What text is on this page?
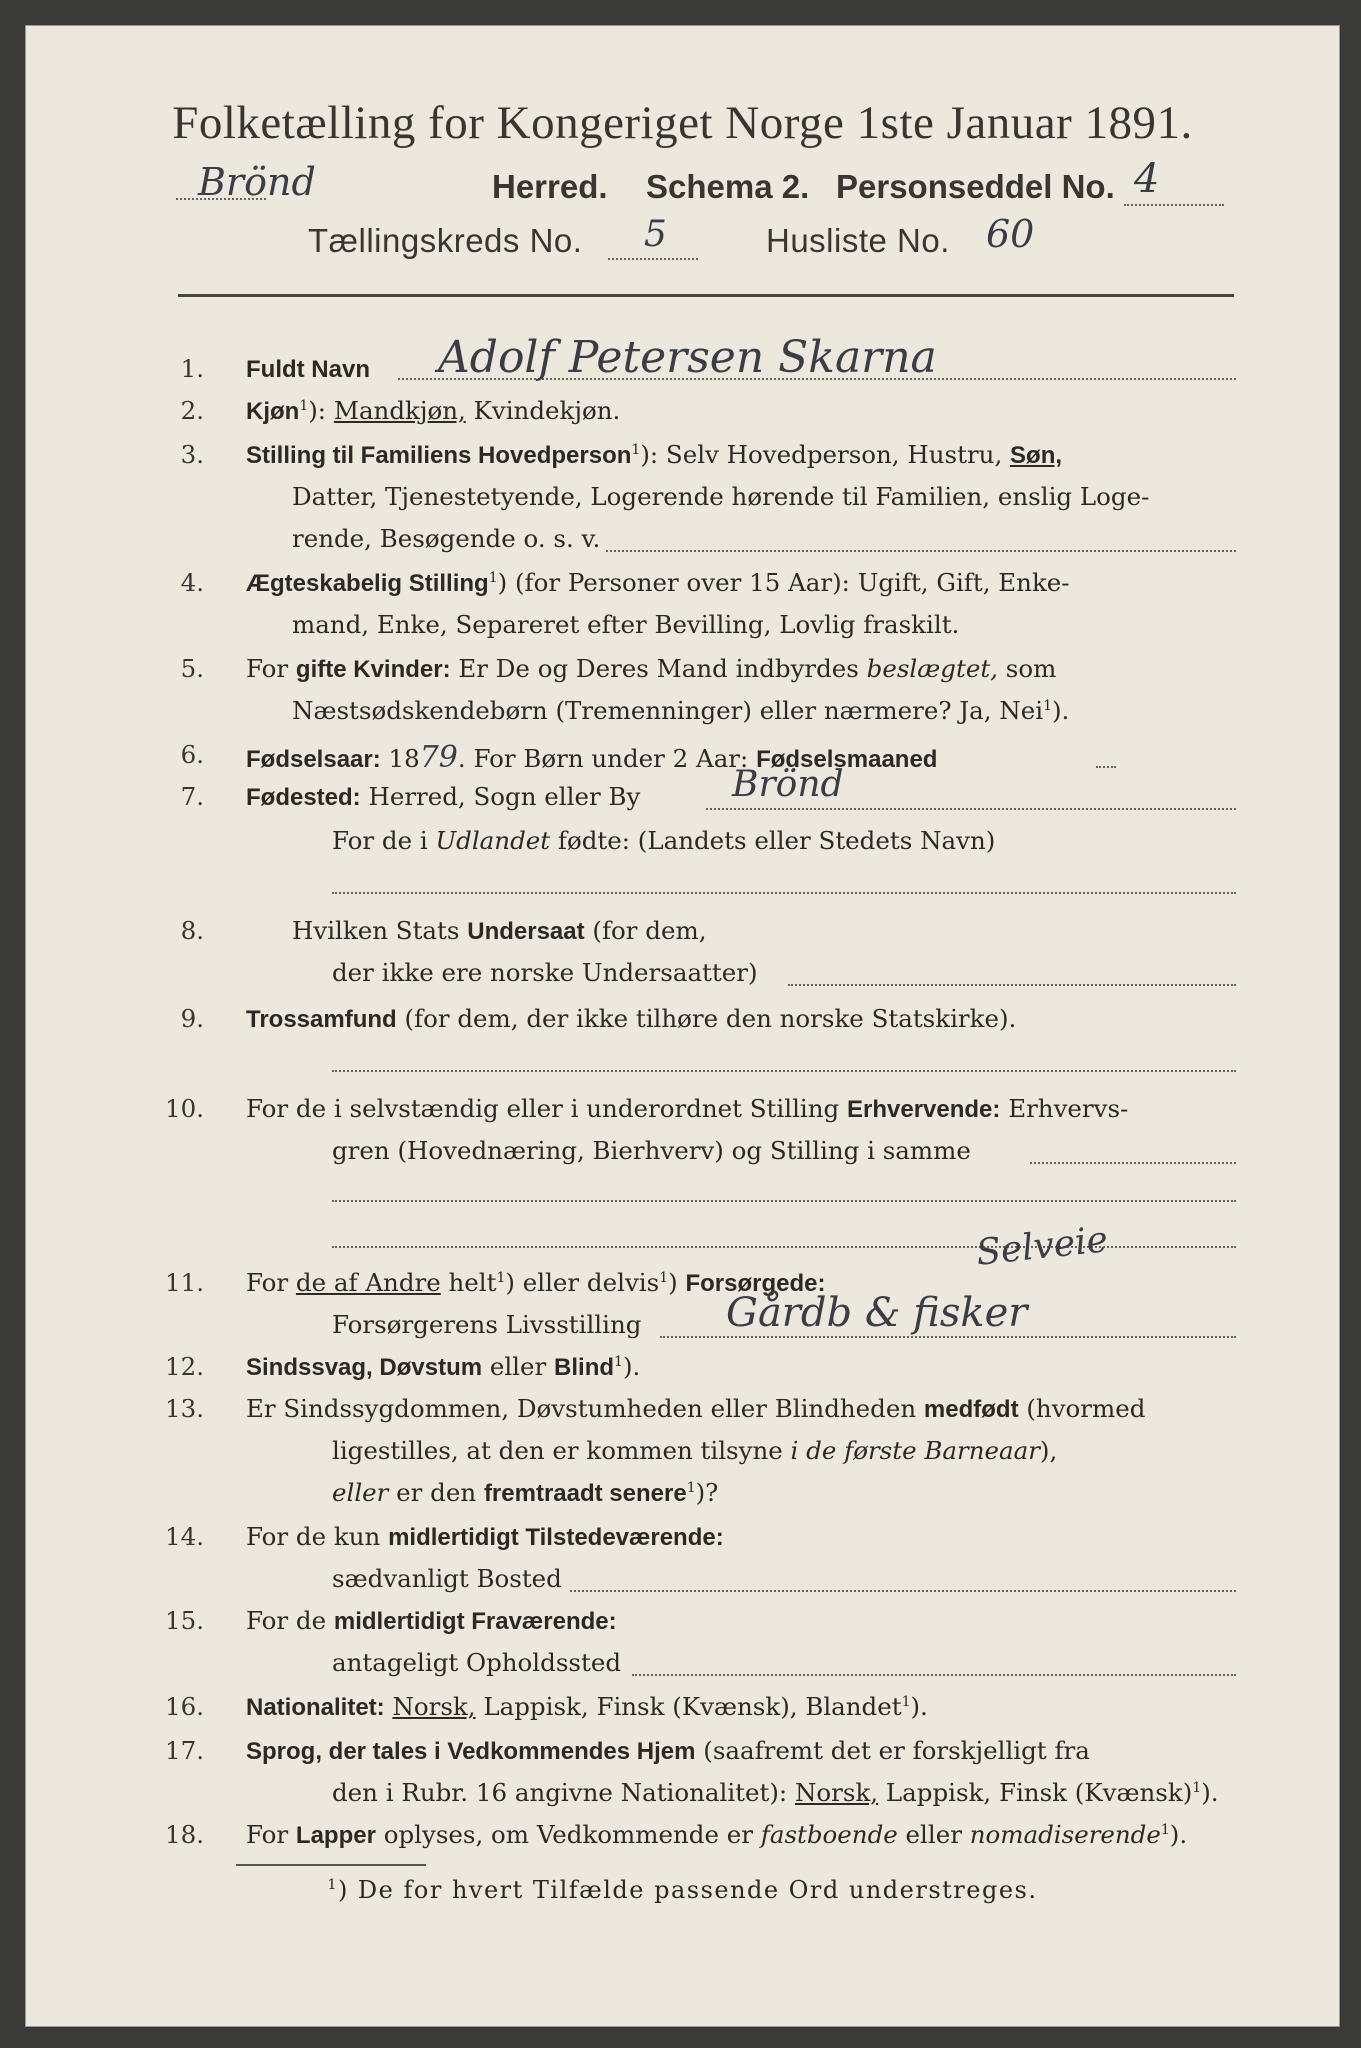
Folketælling for Kongeriget Norge 1ste Januar 1891.
Brönd	Herred. Schema 2. Personseddel No. 4
Tællingskreds No. 5	Husliste No. 60
1. Fuldt Navn Adolf Petersen Skarna
2. Kjøn$^1$): Mandkjøn, Kvindekjøn.
3. Stilling til Familiens Hovedperson$^1$): Selv Hovedperson, Hustru, Søn,
Datter, Tjenestetyende, Logerende hørende til Familien, enslig Loge-
rende, Besøgende o. s. v.
4. Ægteskabelig Stilling$^1$) (for Personer over 15 Aar): Ugift, Gift, Enke-
mand, Enke, Separeret efter Bevilling, Lovlig fraskilt.
5. For gifte Kvinder: Er De og Deres Mand indbyrdes beslægtet, som
Næstsødskendebørn (Tremenninger) eller nærmere? Ja, Nei$^1$).
6. Fødselsaar: 1879. For Børn under 2 Aar: Fødselsmaaned
7. Fødested: Herred, Sogn eller By	Brönd
For de i Udlandet fødte: (Landets eller Stedets Navn)
8.	Hvilken Stats Undersaat (for dem,
der ikke ere norske Undersaatter)
9. Trossamfund (for dem, der ikke tilhøre den norske Statskirke).
10. For de i selvstændig eller i underordnet Stilling Erhvervende: Erhvervs-
gren (Hovednæring, Bierhverv) og Stilling i samme
11. For de af Andre helt$^1$) eller delvis$^1$) Forsørgede:
Selveie
Forsørgerens Livsstilling Gårdb & fisker
12. Sindssvag, Døvstum eller Blind$^1$).
13. Er Sindssygdommen, Døvstumheden eller Blindheden medfødt (hvormed
ligestilles, at den er kommen tilsyne i de første Barneaar),
eller er den fremtraadt senere$^1$)?
14. For de kun midlertidigt Tilstedeværende:
sædvanligt Bosted
15. For de midlertidigt Fraværende:
antageligt Opholdssted
16. Nationalitet: Norsk, Lappisk, Finsk (Kvænsk), Blandet$^1$).
17. Sprog, der tales i Vedkommendes Hjem (saafremt det er forskjelligt fra
den i Rubr. 16 angivne Nationalitet): Norsk, Lappisk, Finsk (Kvænsk)$^1$).
18. For Lapper oplyses, om Vedkommende er fastboende eller nomadiserende$^1$).
$^1$) De for hvert Tilfælde passende Ord understreges.
